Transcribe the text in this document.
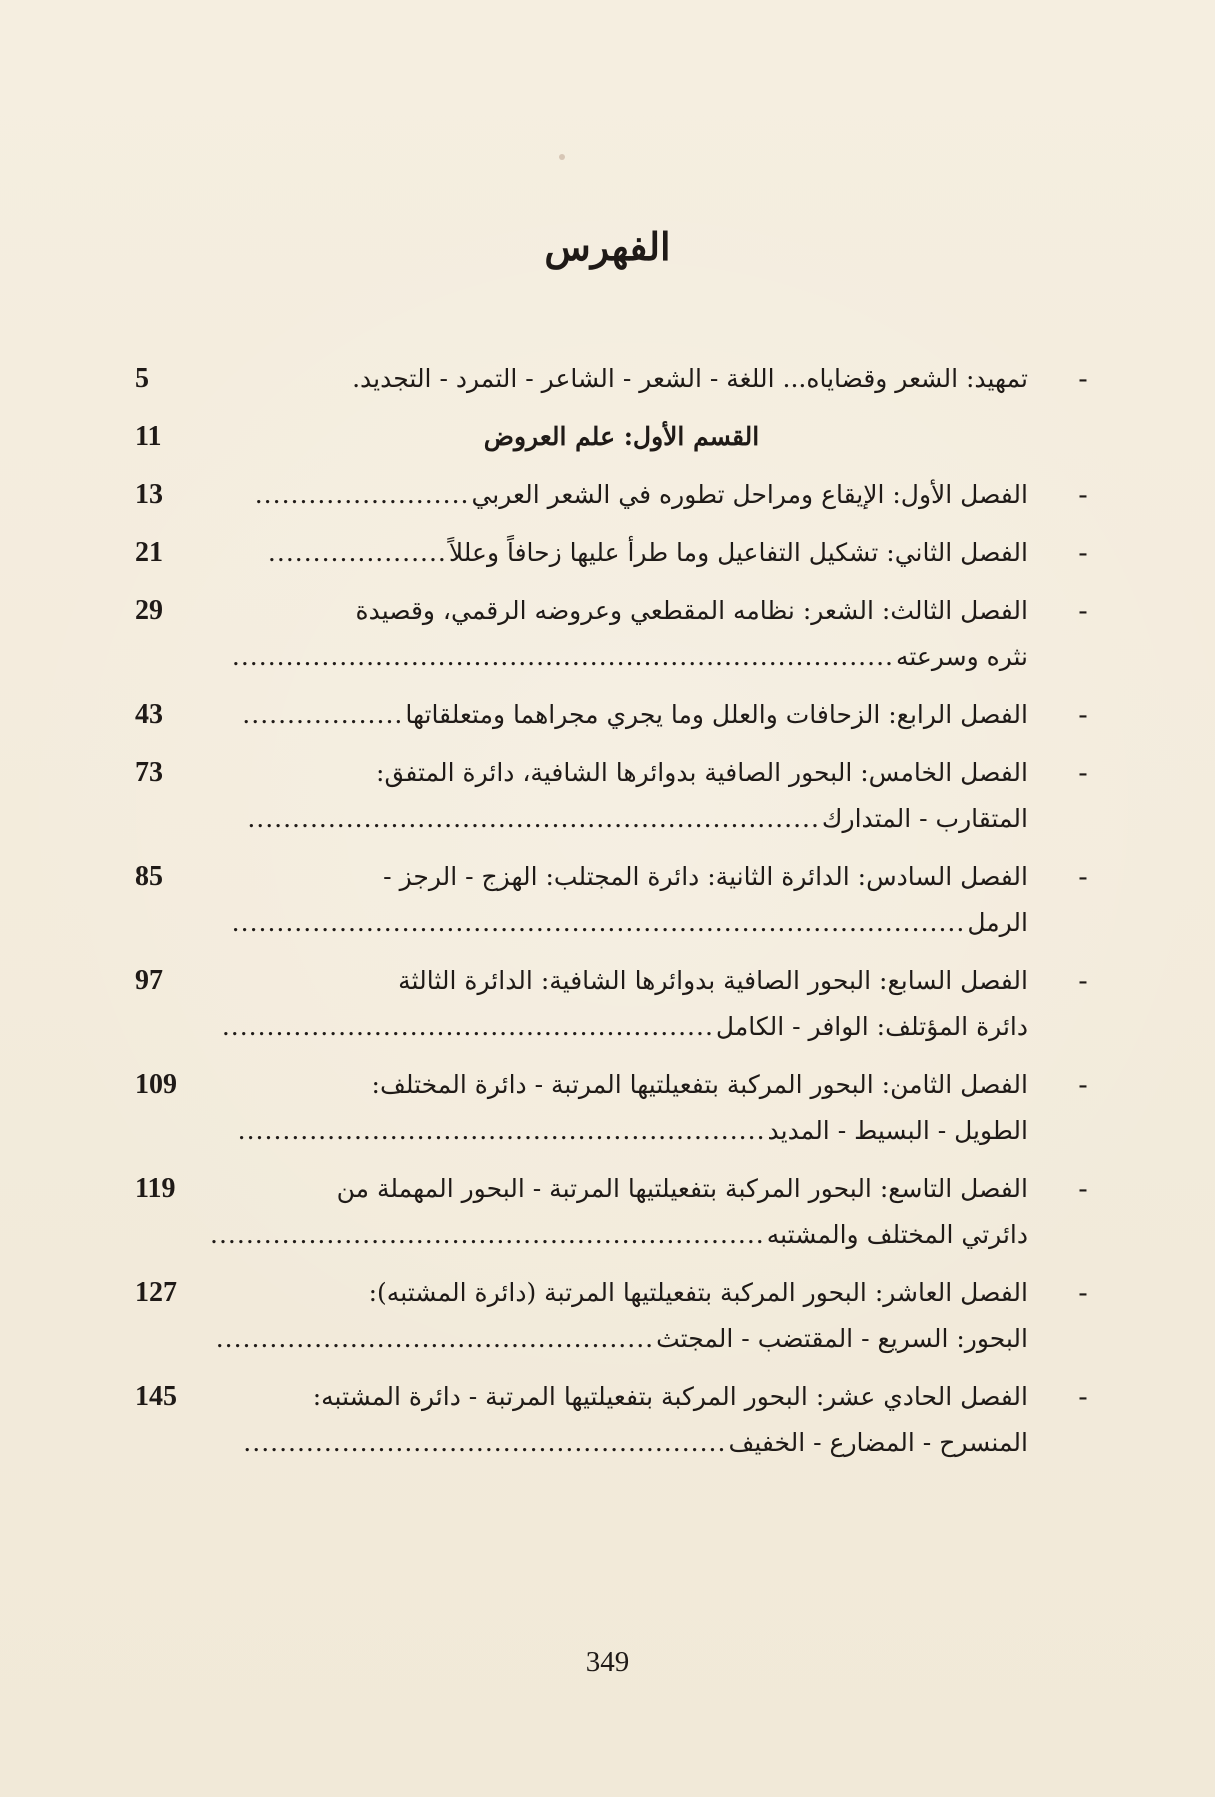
الفهرس
-
تمهيد: الشعر وقضاياه... اللغة - الشعر - الشاعر - التمرد - التجديد.
5
القسم الأول: علم العروض
11
-
الفصل الأول: الإيقاع ومراحل تطوره في الشعر العربي........................
13
-
الفصل الثاني: تشكيل التفاعيل وما طرأ عليها زحافاً وعللاً....................
21
-
الفصل الثالث: الشعر: نظامه المقطعي وعروضه الرقمي، وقصيدة
نثره وسرعته..........................................................................
29
-
الفصل الرابع: الزحافات والعلل وما يجري مجراهما ومتعلقاتها..................
43
-
الفصل الخامس: البحور الصافية بدوائرها الشافية، دائرة المتفق:
المتقارب - المتدارك................................................................
73
-
الفصل السادس: الدائرة الثانية: دائرة المجتلب: الهزج - الرجز -
الرمل..................................................................................
85
-
الفصل السابع: البحور الصافية بدوائرها الشافية: الدائرة الثالثة
دائرة المؤتلف: الوافر - الكامل.......................................................
97
-
الفصل الثامن: البحور المركبة بتفعيلتيها المرتبة - دائرة المختلف:
الطويل - البسيط - المديد...........................................................
109
-
الفصل التاسع: البحور المركبة بتفعيلتيها المرتبة - البحور المهملة من
دائرتي المختلف والمشتبه..............................................................
119
-
الفصل العاشر: البحور المركبة بتفعيلتيها المرتبة (دائرة المشتبه):
البحور: السريع - المقتضب - المجتث.................................................
127
-
الفصل الحادي عشر: البحور المركبة بتفعيلتيها المرتبة - دائرة المشتبه:
المنسرح - المضارع - الخفيف......................................................
145
349
